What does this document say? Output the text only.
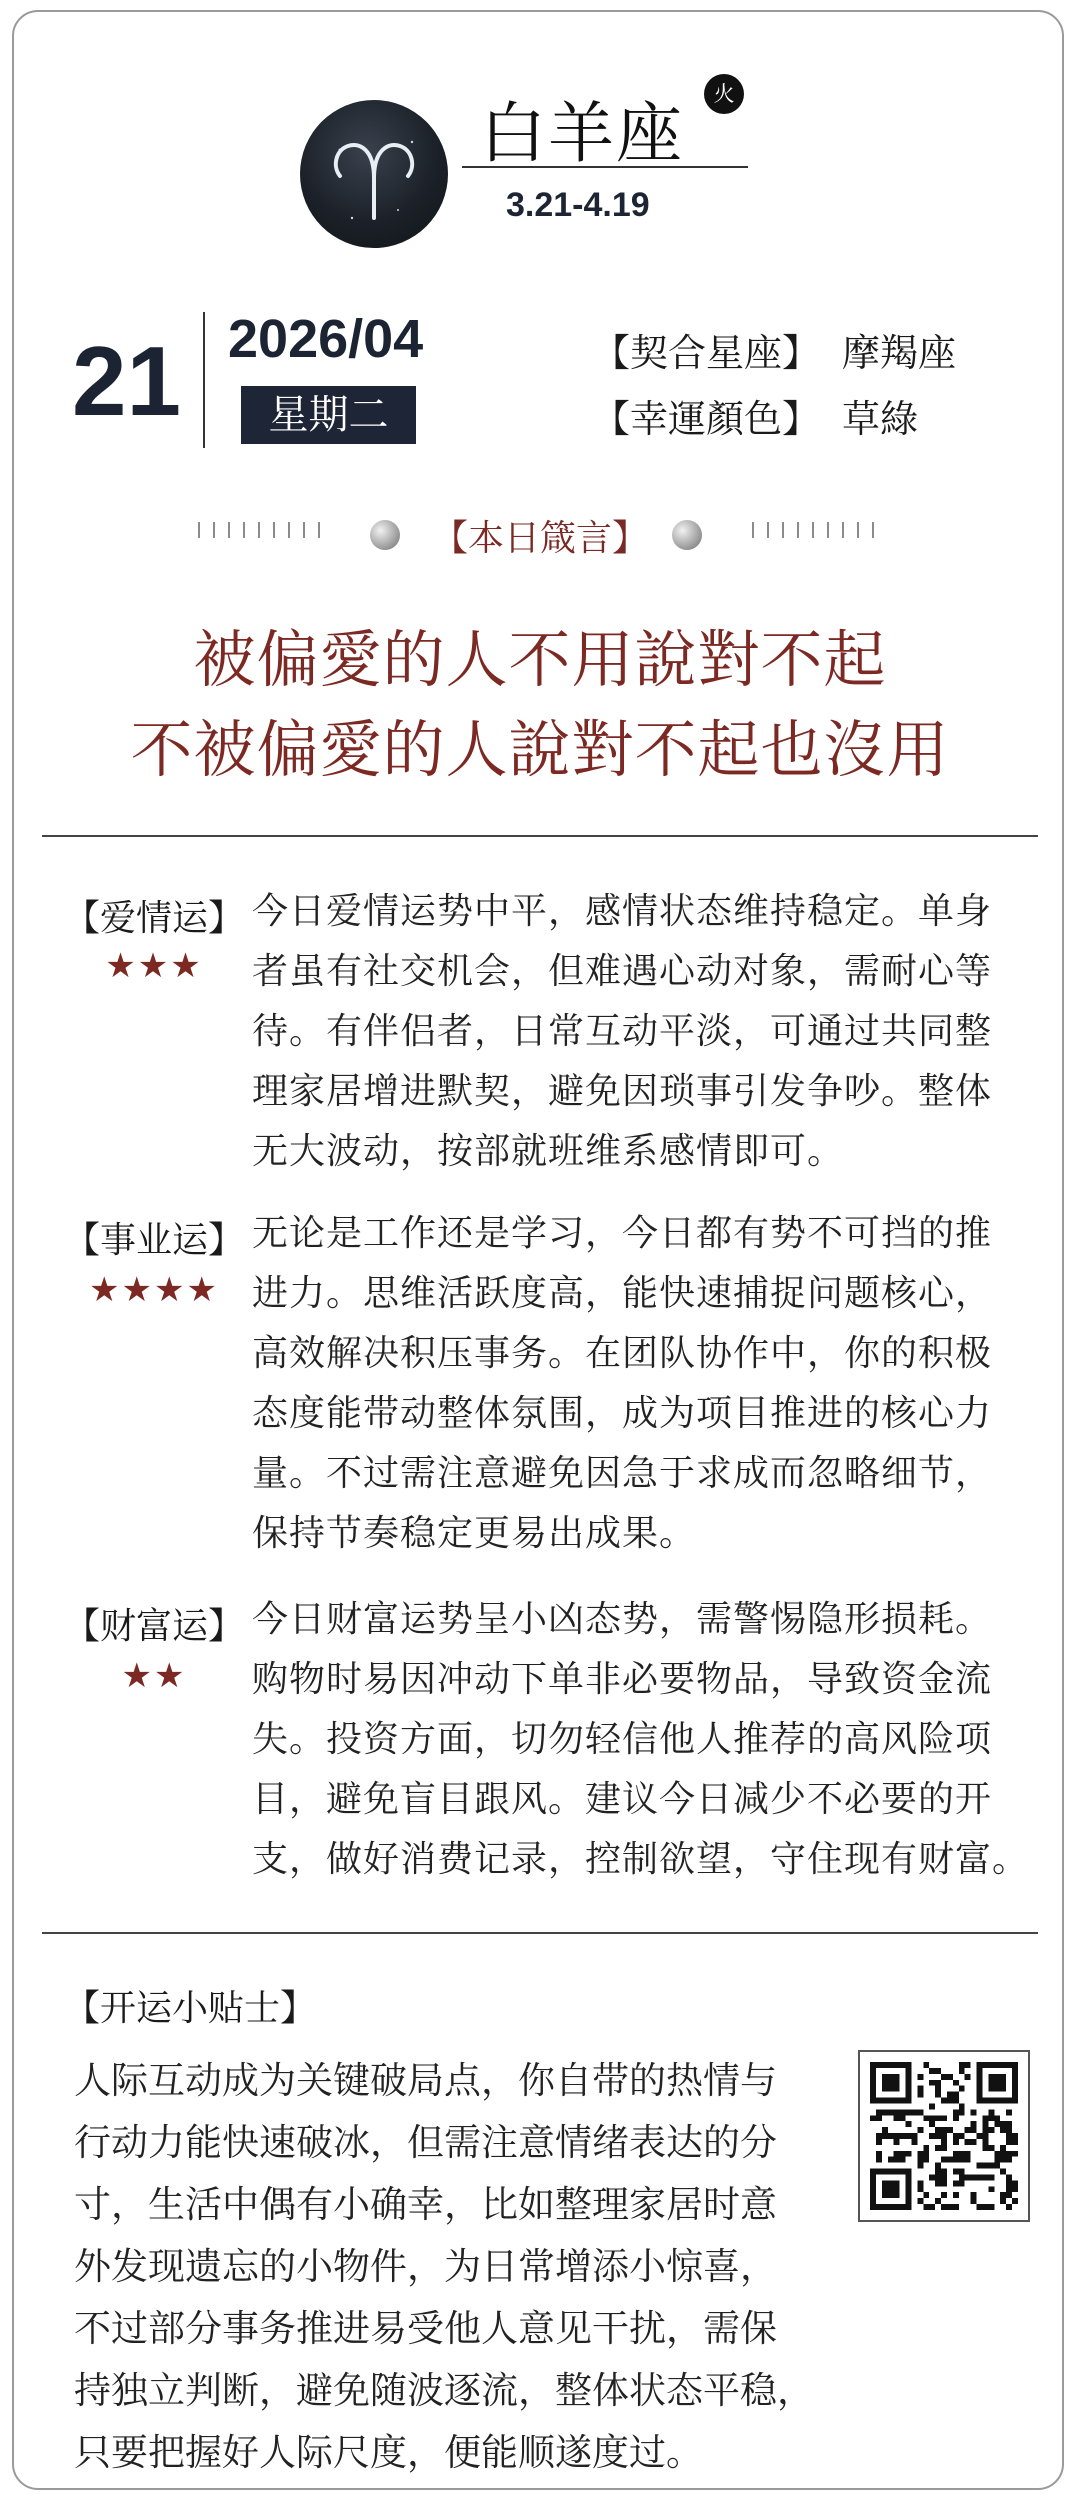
白羊座
火
3.21-4.19
21 2026/04
星期二
【契合星座】 摩羯座
【幸運顏色】 草綠
【本日箴言】
被偏愛的人不用說對不起
不被偏愛的人說對不起也沒用
【爱情运】
★★★
今日爱情运势中平，感情状态维持稳定。单身
者虽有社交机会，但难遇心动对象，需耐心等
待。有伴侣者，日常互动平淡，可通过共同整
理家居增进默契，避免因琐事引发争吵。整体
无大波动，按部就班维系感情即可。
【事业运】
★★★★
无论是工作还是学习，今日都有势不可挡的推
进力。思维活跃度高，能快速捕捉问题核心，
高效解决积压事务。在团队协作中，你的积极
态度能带动整体氛围，成为项目推进的核心力
量。不过需注意避免因急于求成而忽略细节，
保持节奏稳定更易出成果。
【财富运】
★★
今日财富运势呈小凶态势，需警惕隐形损耗。
购物时易因冲动下单非必要物品，导致资金流
失。投资方面，切勿轻信他人推荐的高风险项
目，避免盲目跟风。建议今日减少不必要的开
支，做好消费记录，控制欲望，守住现有财富。
【开运小贴士】
人际互动成为关键破局点，你自带的热情与
行动力能快速破冰，但需注意情绪表达的分
寸，生活中偶有小确幸，比如整理家居时意
外发现遗忘的小物件，为日常增添小惊喜，
不过部分事务推进易受他人意见干扰，需保
持独立判断，避免随波逐流，整体状态平稳，
只要把握好人际尺度，便能顺遂度过。
